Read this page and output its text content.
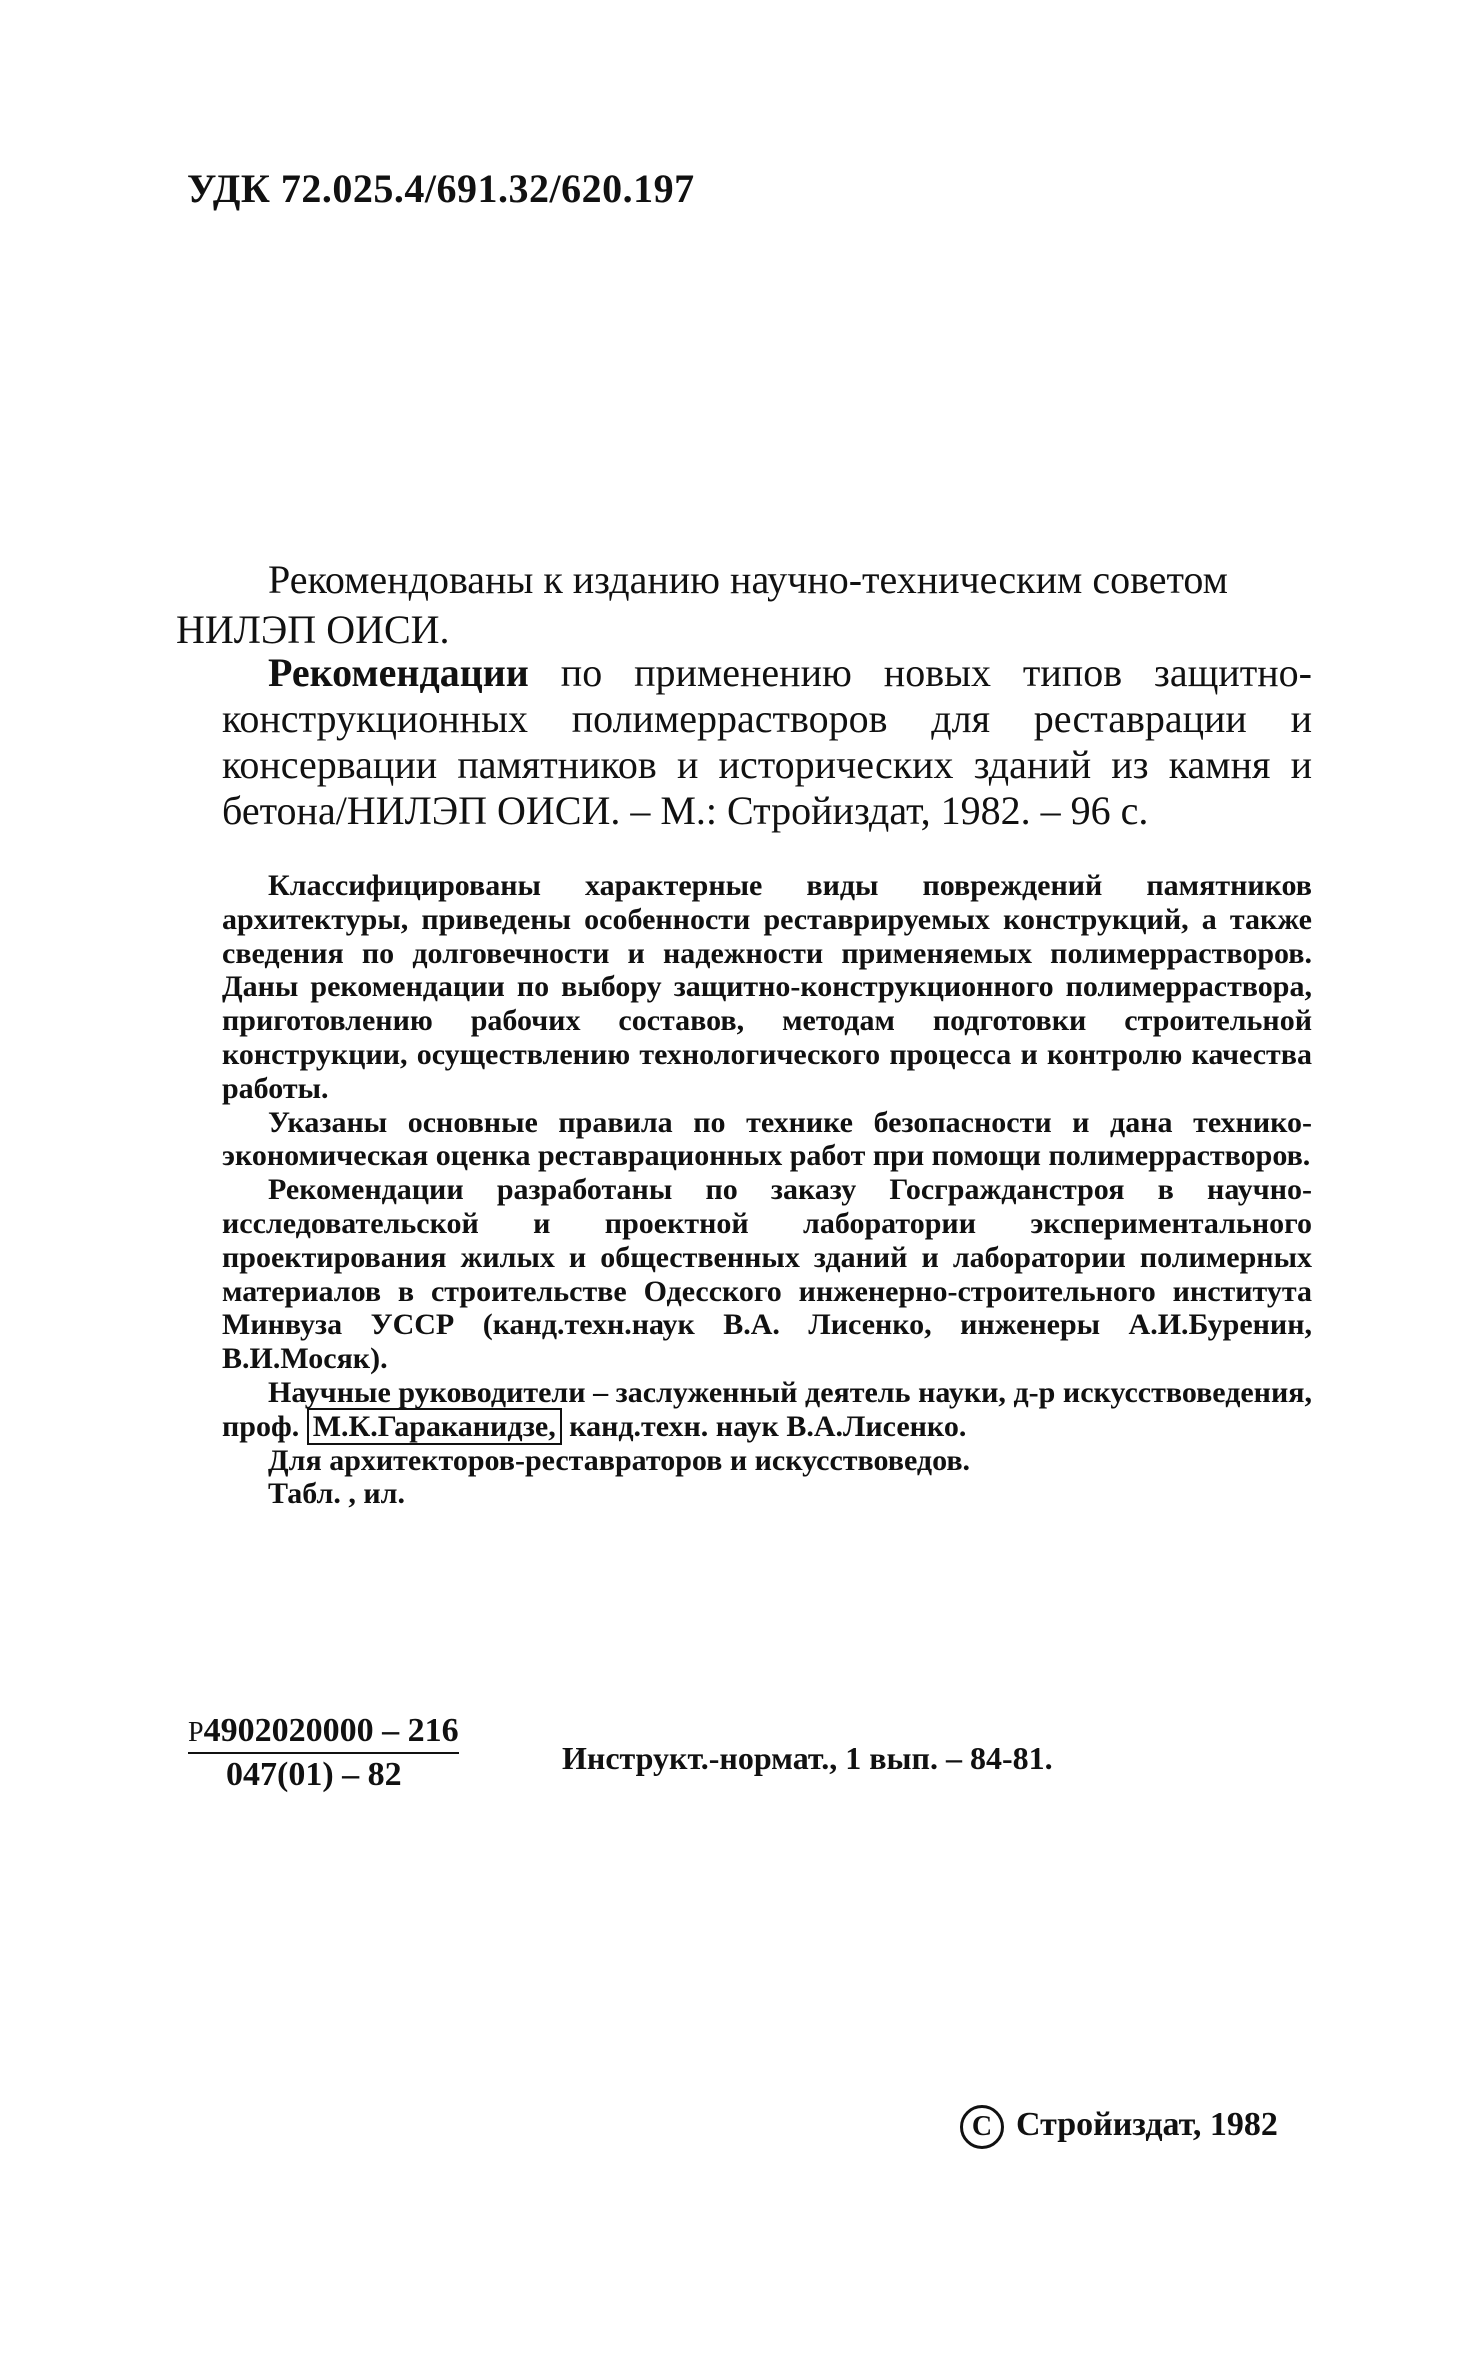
УДК 72.025.4/691.32/620.197
Рекомендованы к изданию научно-техническим советом
НИЛЭП ОИСИ.

Рекомендации по применению новых типов защитно-конструкционных полимеррастворов для реставрации и консервации памятников и исторических зданий из камня и бетона/НИЛЭП ОИСИ. – М.: Стройиздат, 1982. – 96 с.

Классифицированы характерные виды повреждений памятников архитектуры, приведены особенности реставрируемых конструкций, а также сведения по долговечности и надежности применяемых полимеррастворов. Даны рекомендации по выбору защитно-конструкционного полимерраствора, приготовлению рабочих составов, методам подготовки строительной конструкции, осуществлению технологического процесса и контролю качества работы.

Указаны основные правила по технике безопасности и дана технико-экономическая оценка реставрационных работ при помощи полимеррастворов.

Рекомендации разработаны по заказу Госгражданстроя в научно-исследовательской и проектной лаборатории экспериментального проектирования жилых и общественных зданий и лаборатории полимерных материалов в строительстве Одесского инженерно-строительного института Минвуза УССР (канд.техн.наук В.А. Лисенко, инженеры А.И.Буренин, В.И.Мосяк).

Научные руководители – заслуженный деятель науки, д-р искусствоведения, проф. М.К.Гараканидзе, канд.техн. наук В.А.Лисенко.

Для архитекторов-реставраторов и искусствоведов.

Табл. , ил.

Р4902020000 – 216
047(01) – 82	Инструкт.-нормат., 1 вып. – 84-81.
C Стройиздат, 1982
